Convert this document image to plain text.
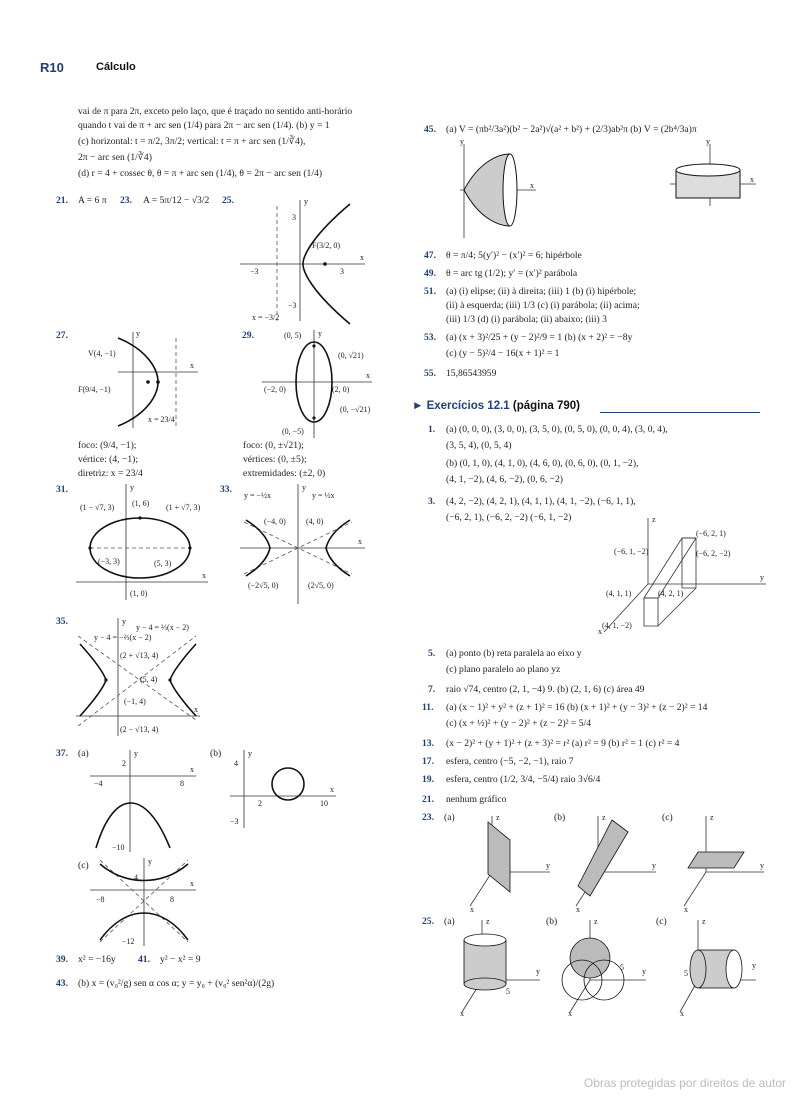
R10	Cálculo
vai de π para 2π, exceto pelo laço, que é traçado no sentido anti-horário
quando t vai de π + arc sen (1/4) para 2π − arc sen (1/4). (b) y = 1
(c) horizontal: t = π/2, 3π/2; vertical: t = π + arc sen (1/∛4),
2π − arc sen (1/∛4)
(d) r = 4 + cossec θ, θ = π + arc sen (1/4), θ = 2π − arc sen (1/4)
21. A = 6 π 23. A = 5π/12 − √3/2 25.	y
x
3
−3	3
−3
F(3/2, 0)
x = −3/2
27.	y
x
V(4, −1)
F(9/4, −1)
x = 23/4
foco: (9/4, −1);
vértice: (4, −1);
diretriz: x = 23/4
29.	(0, 5)
(0, √21)
(−2, 0)	(2, 0)
(0, −√21)
(0, −5)
x
y
foco: (0, ±√21);
vértices: (0, ±5);
extremidades: (±2, 0)
31.
(1 − √7, 3) (1, 6) (1 + √7, 3)
(−3, 3)	(5, 3)
(1, 0)
x
y	33.
y = −½x	y = ½x
(−4, 0)	(4, 0)
(−2√5, 0)	(2√5, 0)
x
y
35.
y − 4 = ⅔(x − 2)
y − 4 = −⅔(x − 2)
(2 + √13, 4)
(5, 4)
(−1, 4)
(2 − √13, 4)
x
y
37. (a)	y
x
2
−4	8
−10
(b)	y
x
4
2	10
−3
(c)	y
x
4
−8	8
−12
39. x² = −16y 41. y² − x² = 9
43. (b) x = (v₀²/g) sen α cos α; y = y₀ + (v₀² sen²α)/(2g)
45. (a) V = (πb²/3a²)(b² − 2a²)√(a² + b²) + (2/3)ab²π (b) V = (2b⁴/3a)π
y
x
y
x
47. θ = π/4; 5(y′)² − (x′)² = 6; hipérbole
49. θ = arc tg (1/2); y′ = (x′)² parábola
51. (a) (i) elipse; (ii) à direita; (iii) 1 (b) (i) hipérbole;
(ii) à esquerda; (iii) 1/3 (c) (i) parábola; (ii) acima;
(iii) 1/3 (d) (i) parábola; (ii) abaixo; (iii) 3
53. (a) (x + 3)²/25 + (y − 2)²/9 = 1 (b) (x + 2)² = −8y
(c) (y − 5)²/4 − 16(x + 1)² = 1
55. 15,86543959
► Exercícios 12.1 (página 790)
1. (a) (0, 0, 0), (3, 0, 0), (3, 5, 0), (0, 5, 0), (0, 0, 4), (3, 0, 4),
(3, 5, 4), (0, 5, 4)
(b) (0, 1, 0), (4, 1, 0), (4, 6, 0), (0, 6, 0), (0, 1, −2),
(4, 1, −2), (4, 6, −2), (0, 6, −2)
3. (4, 2, −2), (4, 2, 1), (4, 1, 1), (4, 1, −2), (−6, 1, 1),
(−6, 2, 1), (−6, 2, −2) (−6, 1, −2)	z
(−6, 2, 1)
(−6, 1, −2)	(−6, 2, −2)
y
(4, 1, 1)	(4, 2, 1)
(4, 1, −2)
x
5. (a) ponto (b) reta paralela ao eixo y
(c) plano paralelo ao plano yz
7. raio √74, centro (2, 1, −4) 9. (b) (2, 1, 6) (c) área 49
11. (a) (x − 1)² + y² + (z + 1)² = 16 (b) (x + 1)² + (y − 3)² + (z − 2)² = 14
(c) (x + ½)² + (y − 2)² + (z − 2)² = 5/4
13. (x − 2)² + (y + 1)² + (z + 3)² = r² (a) r² = 9 (b) r² = 1 (c) r² = 4
17. esfera, centro (−5, −2, −1), raio 7
19. esfera, centro (1/2, 3/4, −5/4) raio 3√6/4
21. nenhum gráfico
23. (a)	(b)	(c)
z
y
x
z
y
x
z
y
x
25. (a)	(b)	(c)
z
y
x
5
z
y
x
5
z
y
x
5
Obras protegidas por direitos de autor
